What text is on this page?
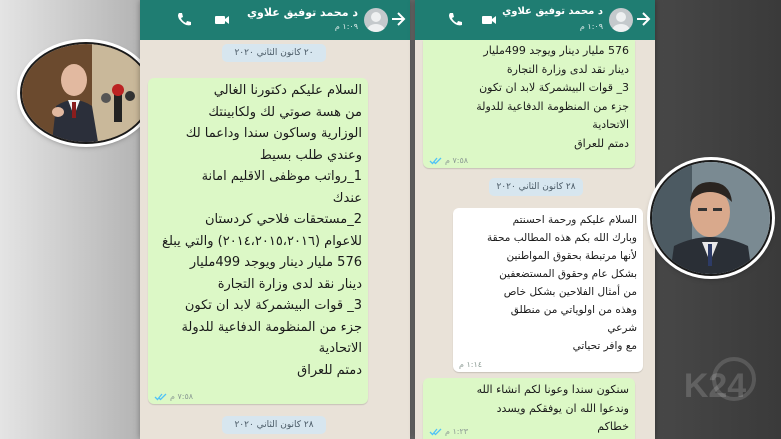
د محمد توفيق علاوي
١:٠٩ م
٢٠ كانون الثاني ٢٠٢٠
السلام عليكم دكتورنا الغالي
من هسة صوتي لك ولكابينتك
الوزارية وساكون سندا وداعما لك
وعندي طلب بسيط
1_رواتب موظفى الاقليم امانة
عندك
2_مستحقات فلاحي كردستان
للاعوام (٢٠١٤،٢٠١٥،٢٠١٦) والتي يبلغ
576 مليار دينار ويوجد 499مليار
دينار نقد لدى وزارة التجارة
3_ قوات البيشمركة لابد ان تكون
جزء من المنظومة الدفاعية للدولة
الاتحادية
دمتم للعراق
٧:٥٨ م
٢٨ كانون الثاني ٢٠٢٠
د محمد توفيق علاوي
١:٠٩ م
576 مليار دينار ويوجد 499مليار
دينار نقد لدى وزارة التجارة
3_ قوات البيشمركة لابد ان تكون
جزء من المنظومة الدفاعية للدولة
الاتحادية
دمتم للعراق
٧:٥٨ م
٢٨ كانون الثاني ٢٠٢٠
السلام عليكم ورحمة احسنتم
وبارك الله بكم هذه المطالب محقة
لأنها مرتبطة بحقوق المواطنين
بشكل عام وحقوق المستضعفين
من أمثال الفلاحين بشكل خاص
وهذه من اولوياتي من منطلق
شرعي
مع وافر تحياتي
١:١٤ م
سنكون سندا وعونا لكم انشاء الله
وندعوا الله ان يوفقكم ويسدد
خطاكم
١:٢٣ م
K24
